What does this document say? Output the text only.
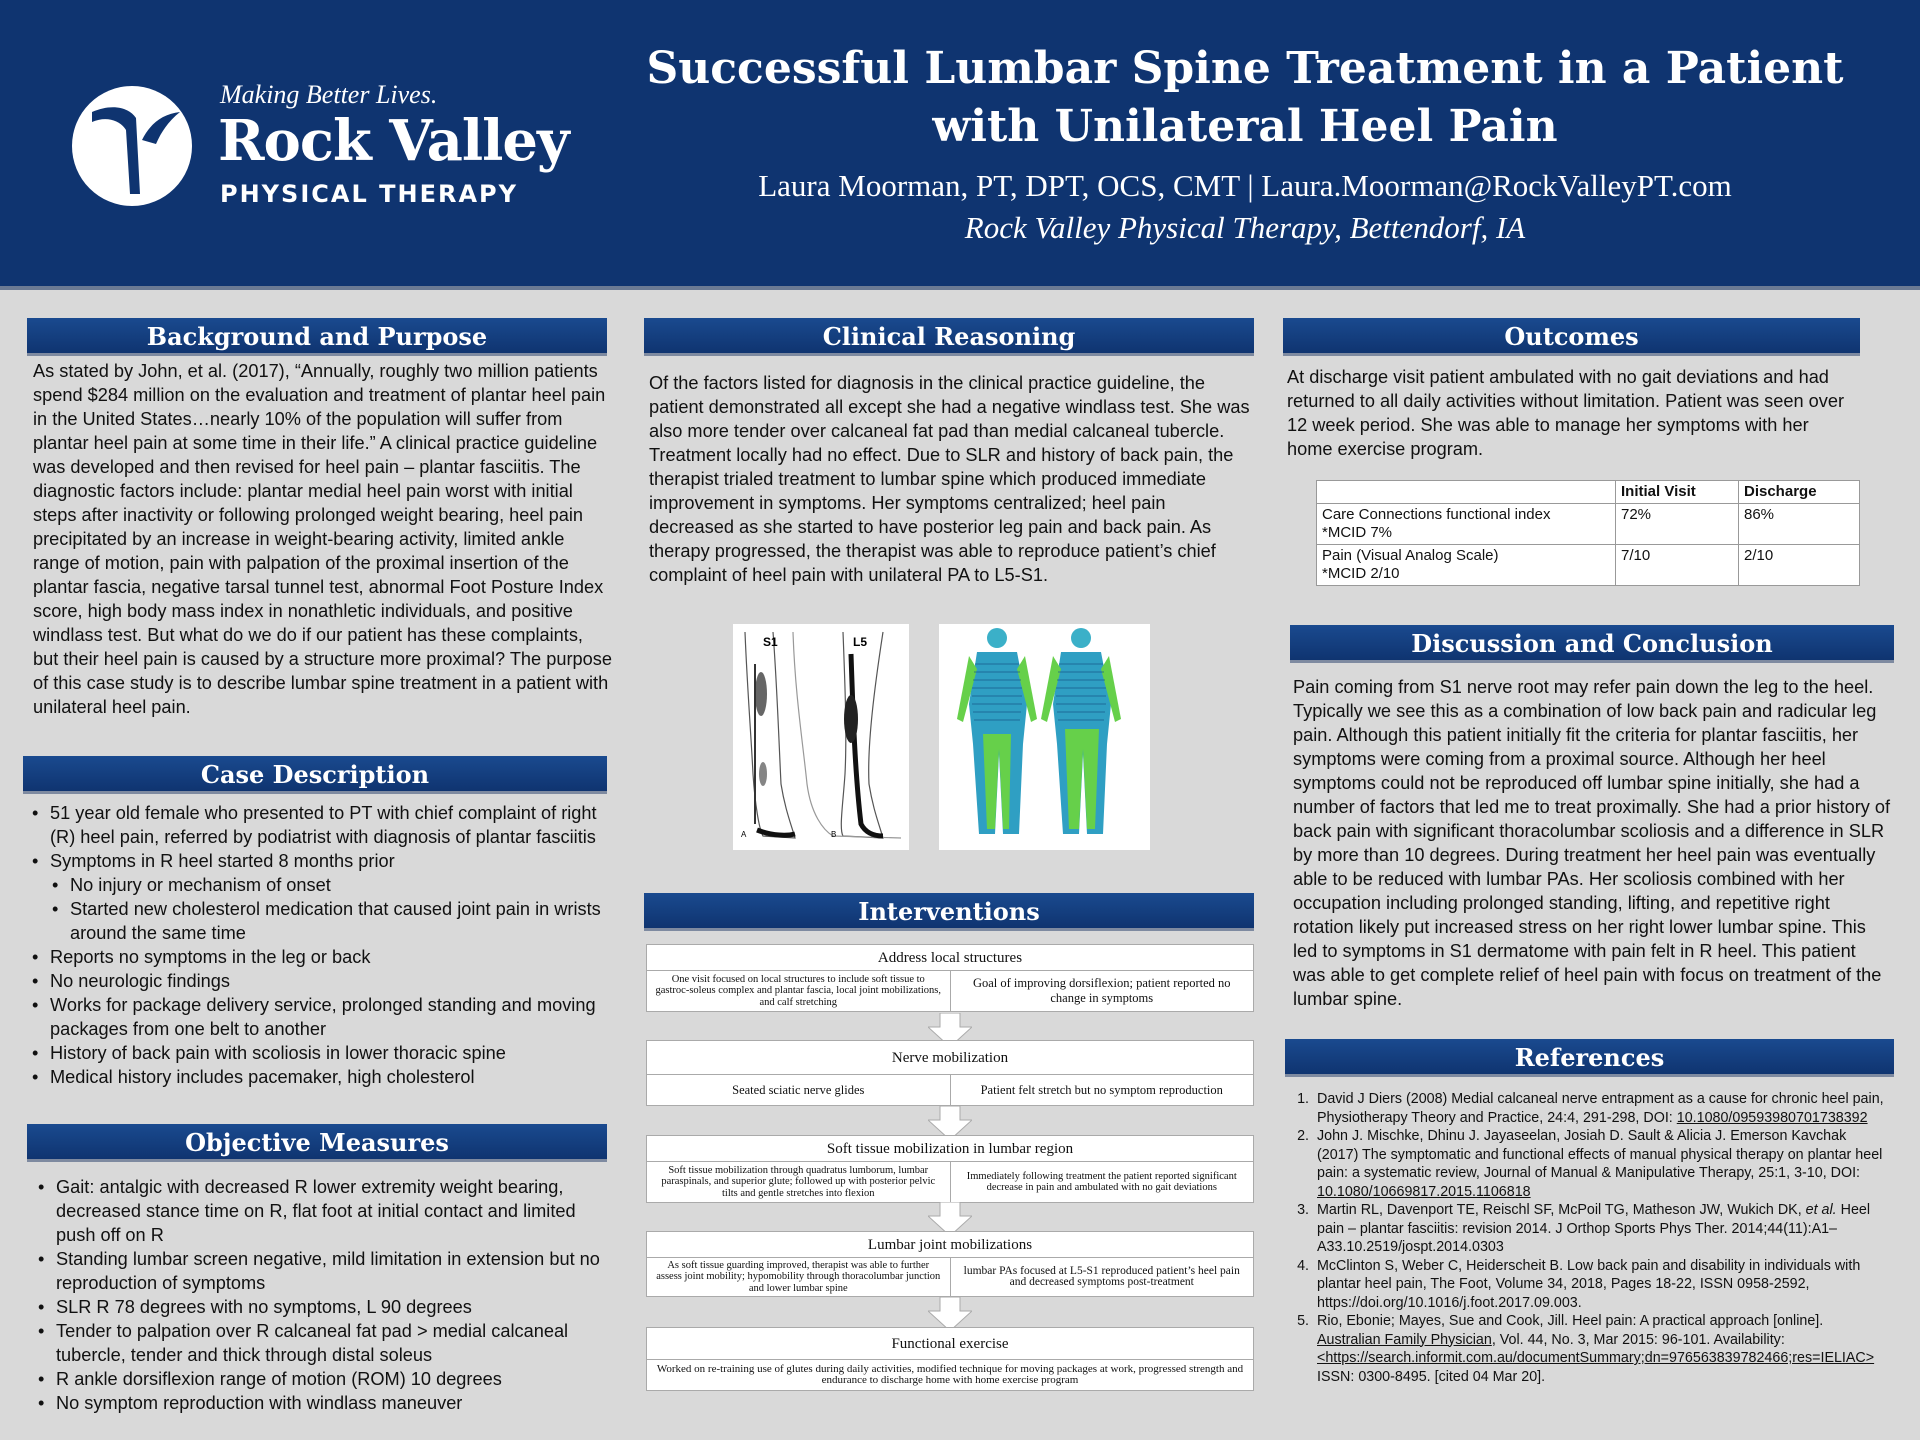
Making Better Lives.
Rock Valley
PHYSICAL THERAPY
Successful Lumbar Spine Treatment in a Patient with Unilateral Heel Pain
Laura Moorman, PT, DPT, OCS, CMT | Laura.Moorman@RockValleyPT.com
Rock Valley Physical Therapy, Bettendorf, IA
Background and Purpose
As stated by John, et al. (2017), “Annually, roughly two million patients spend $284 million on the evaluation and treatment of plantar heel pain in the United States…nearly 10% of the population will suffer from plantar heel pain at some time in their life.” A clinical practice guideline was developed and then revised for heel pain – plantar fasciitis. The diagnostic factors include: plantar medial heel pain worst with initial steps after inactivity or following prolonged weight bearing, heel pain precipitated by an increase in weight-bearing activity, limited ankle range of motion, pain with palpation of the proximal insertion of the plantar fascia, negative tarsal tunnel test, abnormal Foot Posture Index score, high body mass index in nonathletic individuals, and positive windlass test. But what do we do if our patient has these complaints, but their heel pain is caused by a structure more proximal? The purpose of this case study is to describe lumbar spine treatment in a patient with unilateral heel pain.
Case Description
• 51 year old female who presented to PT with chief complaint of right (R) heel pain, referred by podiatrist with diagnosis of plantar fasciitis
• Symptoms in R heel started 8 months prior
• No injury or mechanism of onset
• Started new cholesterol medication that caused joint pain in wrists around the same time
• Reports no symptoms in the leg or back
• No neurologic findings
• Works for package delivery service, prolonged standing and moving packages from one belt to another
• History of back pain with scoliosis in lower thoracic spine
• Medical history includes pacemaker, high cholesterol
Objective Measures
• Gait: antalgic with decreased R lower extremity weight bearing, decreased stance time on R, flat foot at initial contact and limited push off on R
• Standing lumbar screen negative, mild limitation in extension but no reproduction of symptoms
• SLR R 78 degrees with no symptoms, L 90 degrees
• Tender to palpation over R calcaneal fat pad > medial calcaneal tubercle, tender and thick through distal soleus
• R ankle dorsiflexion range of motion (ROM) 10 degrees
• No symptom reproduction with windlass maneuver
Clinical Reasoning
Of the factors listed for diagnosis in the clinical practice guideline, the patient demonstrated all except she had a negative windlass test. She was also more tender over calcaneal fat pad than medial calcaneal tubercle. Treatment locally had no effect. Due to SLR and history of back pain, the therapist trialed treatment to lumbar spine which produced immediate improvement in symptoms. Her symptoms centralized; heel pain decreased as she started to have posterior leg pain and back pain. As therapy progressed, the therapist was able to reproduce patient’s chief complaint of heel pain with unilateral PA to L5-S1.
S1	L5
A	B
Interventions
Address local structures
One visit focused on local structures to include soft tissue to gastroc-soleus complex and plantar fascia, local joint mobilizations, and calf stretching
Goal of improving dorsiflexion; patient reported no change in symptoms
Nerve mobilization
Seated sciatic nerve glides	Patient felt stretch but no symptom reproduction
Soft tissue mobilization in lumbar region
Soft tissue mobilization through quadratus lumborum, lumbar paraspinals, and superior glute; followed up with posterior pelvic tilts and gentle stretches into flexion
Immediately following treatment the patient reported significant decrease in pain and ambulated with no gait deviations
Lumbar joint mobilizations
As soft tissue guarding improved, therapist was able to further assess joint mobility; hypomobility through thoracolumbar junction and lower lumbar spine
lumbar PAs focused at L5-S1 reproduced patient’s heel pain and decreased symptoms post-treatment
Functional exercise
Worked on re-training use of glutes during daily activities, modified technique for moving packages at work, progressed strength and endurance to discharge home with home exercise program
Outcomes
At discharge visit patient ambulated with no gait deviations and had returned to all daily activities without limitation. Patient was seen over 12 week period. She was able to manage her symptoms with her home exercise program.
	Initial Visit	Discharge
Care Connections functional index
*MCID 7%	72%	86%
Pain (Visual Analog Scale)
*MCID 2/10	7/10	2/10
Discussion and Conclusion
Pain coming from S1 nerve root may refer pain down the leg to the heel. Typically we see this as a combination of low back pain and radicular leg pain. Although this patient initially fit the criteria for plantar fasciitis, her symptoms were coming from a proximal source. Although her heel symptoms could not be reproduced off lumbar spine initially, she had a number of factors that led me to treat proximally. She had a prior history of back pain with significant thoracolumbar scoliosis and a difference in SLR by more than 10 degrees. During treatment her heel pain was eventually able to be reduced with lumbar PAs. Her scoliosis combined with her occupation including prolonged standing, lifting, and repetitive right rotation likely put increased stress on her right lower lumbar spine. This led to symptoms in S1 dermatome with pain felt in R heel. This patient was able to get complete relief of heel pain with focus on treatment of the lumbar spine.
References
1. David J Diers (2008) Medial calcaneal nerve entrapment as a cause for chronic heel pain, Physiotherapy Theory and Practice, 24:4, 291-298, DOI: 10.1080/09593980701738392
2. John J. Mischke, Dhinu J. Jayaseelan, Josiah D. Sault & Alicia J. Emerson Kavchak (2017) The symptomatic and functional effects of manual physical therapy on plantar heel pain: a systematic review, Journal of Manual & Manipulative Therapy, 25:1, 3-10, DOI: 10.1080/10669817.2015.1106818
3. Martin RL, Davenport TE, Reischl SF, McPoil TG, Matheson JW, Wukich DK, et al. Heel pain – plantar fasciitis: revision 2014. J Orthop Sports Phys Ther. 2014;44(11):A1–A33.10.2519/jospt.2014.0303
4. McClinton S, Weber C, Heiderscheit B. Low back pain and disability in individuals with plantar heel pain, The Foot, Volume 34, 2018, Pages 18-22, ISSN 0958-2592, https://doi.org/10.1016/j.foot.2017.09.003.
5. Rio, Ebonie; Mayes, Sue and Cook, Jill. Heel pain: A practical approach [online]. Australian Family Physician, Vol. 44, No. 3, Mar 2015: 96-101. Availability: <https://search.informit.com.au/documentSummary;dn=976563839782466;res=IELIAC> ISSN: 0300-8495. [cited 04 Mar 20].
